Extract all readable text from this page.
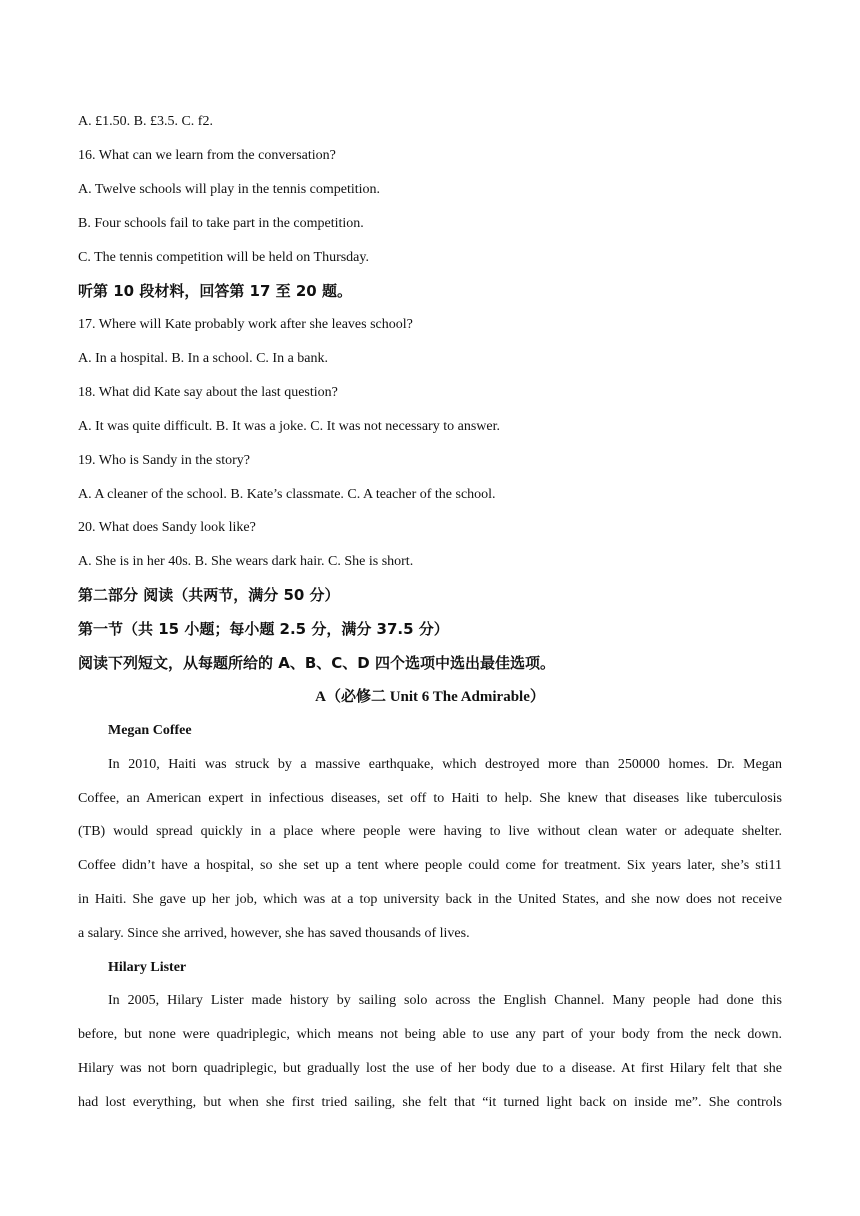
A. £1.50. B. £3.5. C. f2.
16. What can we learn from the conversation?
A. Twelve schools will play in the tennis competition.
B. Four schools fail to take part in the competition.
C. The tennis competition will be held on Thursday.
听第 10 段材料，回答第 17 至 20 题。
17. Where will Kate probably work after she leaves school?
A. In a hospital. B. In a school. C. In a bank.
18. What did Kate say about the last question?
A. It was quite difficult. B. It was a joke. C. It was not necessary to answer.
19. Who is Sandy in the story?
A. A cleaner of the school. B. Kate’s classmate. C. A teacher of the school.
20. What does Sandy look like?
A. She is in her 40s. B. She wears dark hair. C. She is short.
第二部分 阅读（共两节，满分 50 分）
第一节（共 15 小题；每小题 2.5 分，满分 37.5 分）
阅读下列短文，从每题所给的 A、B、C、D 四个选项中选出最佳选项。
A（必修二 Unit 6 The Admirable）
Megan Coffee
In 2010, Haiti was struck by a massive earthquake, which destroyed more than 250000 homes. Dr. Megan
Coffee, an American expert in infectious diseases, set off to Haiti to help. She knew that diseases like tuberculosis
(TB) would spread quickly in a place where people were having to live without clean water or adequate shelter.
Coffee didn’t have a hospital, so she set up a tent where people could come for treatment. Six years later, she’s sti11
in Haiti. She gave up her job, which was at a top university back in the United States, and she now does not receive
a salary. Since she arrived, however, she has saved thousands of lives.
Hilary Lister
In 2005, Hilary Lister made history by sailing solo across the English Channel. Many people had done this
before, but none were quadriplegic, which means not being able to use any part of your body from the neck down.
Hilary was not born quadriplegic, but gradually lost the use of her body due to a disease. At first Hilary felt that she
had lost everything, but when she first tried sailing, she felt that “it turned light back on inside me”. She controls
